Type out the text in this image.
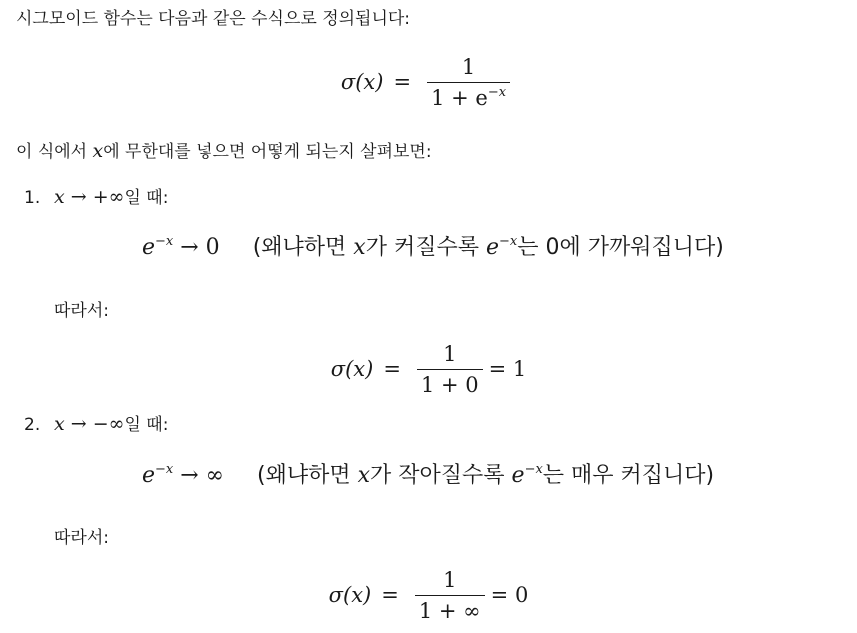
시그모이드 함수는 다음과 같은 수식으로 정의됩니다:
$\sigma(x) = \frac{1}{1 + e^{-x}}$
이 식에서 x에 무한대를 넣으면 어떻게 되는지 살펴보면:
1. x → +∞일 때:
$e^{-x} \to 0$ (왜냐하면 x가 커질수록 $e^{-x}$는 0에 가까워집니다)
따라서:
$\sigma(x) = \frac{1}{1 + 0} = 1$
2. x → −∞일 때:
$e^{-x}$ → ∞ (왜냐하면 x가 작아질수록 $e^{-x}$는 매우 커집니다)
따라서:
$\sigma(x) = \frac{1}{1 + \infty} = 0$
